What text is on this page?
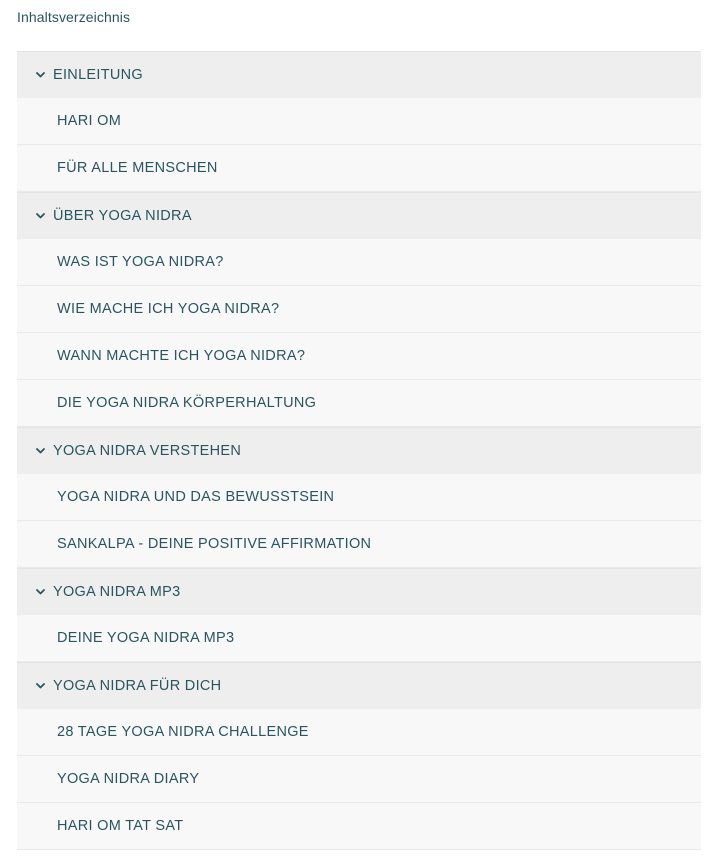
Inhaltsverzeichnis
EINLEITUNG
HARI OM
FÜR ALLE MENSCHEN
ÜBER YOGA NIDRA
WAS IST YOGA NIDRA?
WIE MACHE ICH YOGA NIDRA?
WANN MACHTE ICH YOGA NIDRA?
DIE YOGA NIDRA KÖRPERHALTUNG
YOGA NIDRA VERSTEHEN
YOGA NIDRA UND DAS BEWUSSTSEIN
SANKALPA - DEINE POSITIVE AFFIRMATION
YOGA NIDRA MP3
DEINE YOGA NIDRA MP3
YOGA NIDRA FÜR DICH
28 TAGE YOGA NIDRA CHALLENGE
YOGA NIDRA DIARY
HARI OM TAT SAT
